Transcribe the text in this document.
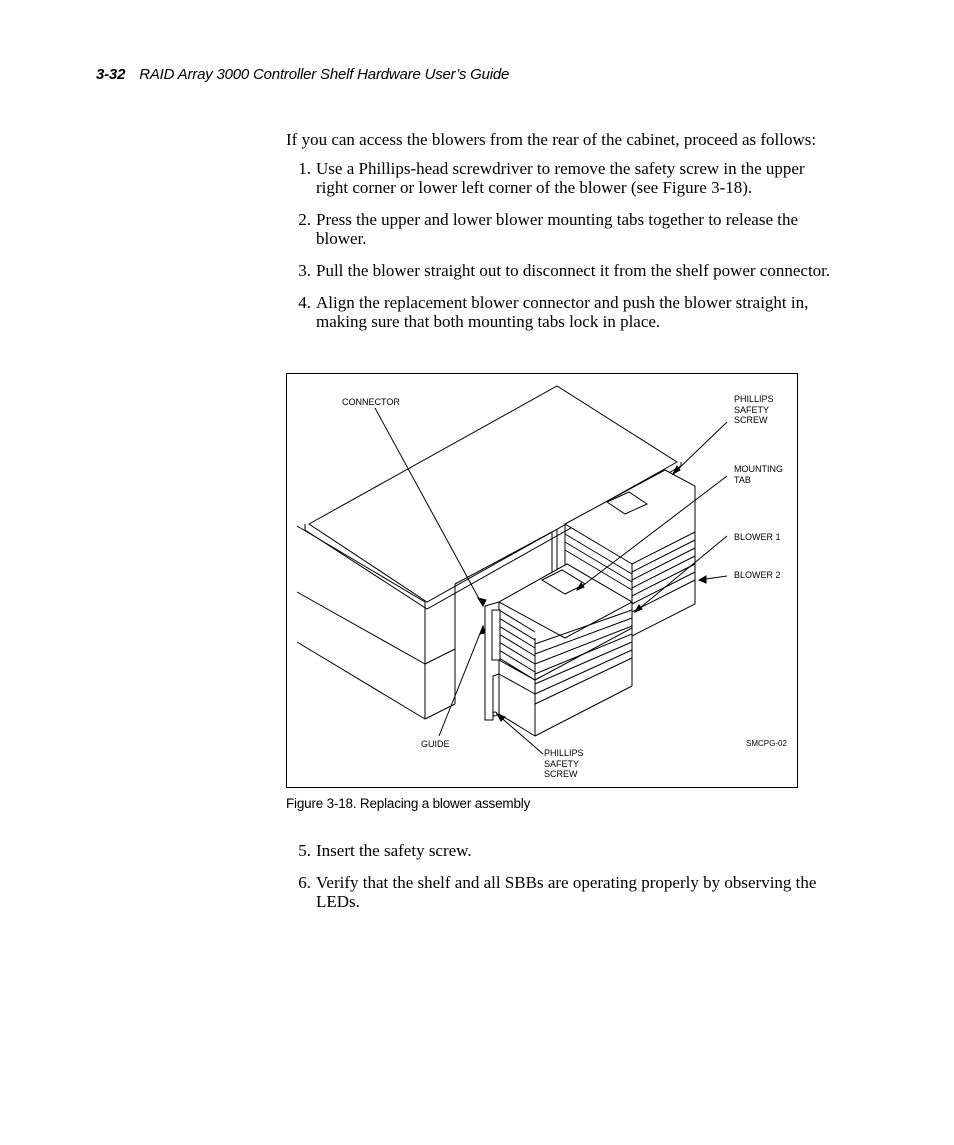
3-32 RAID Array 3000 Controller Shelf Hardware User’s Guide
If you can access the blowers from the rear of the cabinet, proceed as follows:
1. Use a Phillips-head screwdriver to remove the safety screw in the upper right corner or lower left corner of the blower (see Figure 3-18).
2. Press the upper and lower blower mounting tabs together to release the blower.
3. Pull the blower straight out to disconnect it from the shelf power connector.
4. Align the replacement blower connector and push the blower straight in, making sure that both mounting tabs lock in place.
CONNECTOR	PHILLIPS
SAFETY
SCREW
MOUNTING
TAB
BLOWER 1
BLOWER 2
GUIDE
PHILLIPS
SAFETY
SCREW
SMCPG-02
Figure 3-18. Replacing a blower assembly
5. Insert the safety screw.
6. Verify that the shelf and all SBBs are operating properly by observing the LEDs.
